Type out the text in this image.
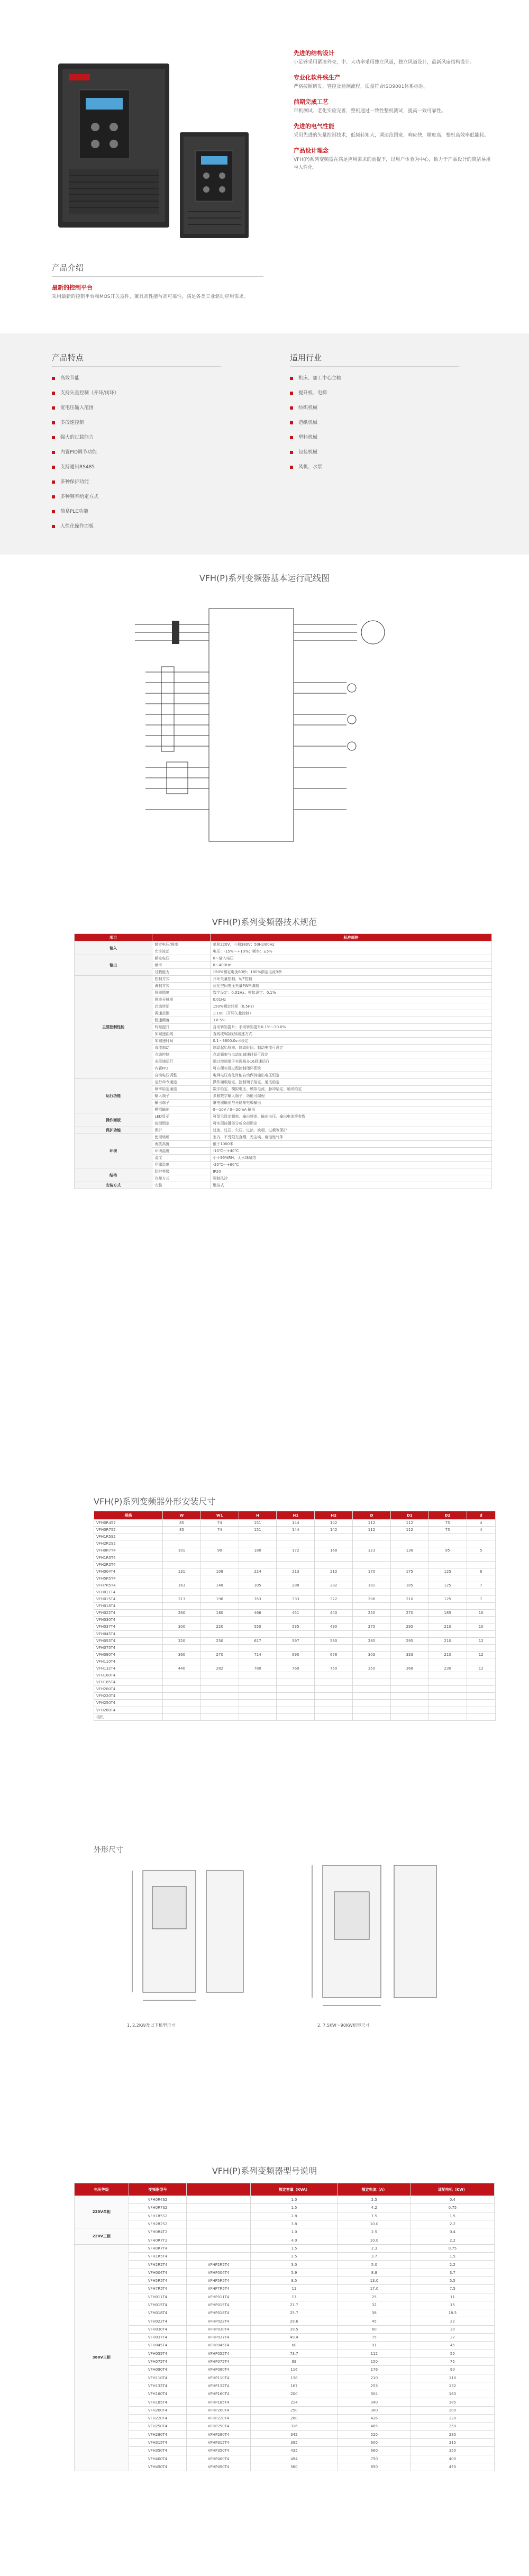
先进的结构设计
小足够采用紧凑外壳，中、大功率采用独立风道，独立风道设计，最新风扇结构设计。
专业化软件线生产
严格按照研发、管控及检测流程，质量符合ISO9001体系标准。
前期完成工艺
带机测试、老化实验完善，整机通过一致性整机测试，提高一致可靠性。
先进的电气性能
采用先进的矢量控制技术，低频转矩大，调速范围宽，响应快，精度高，整机高效率低能耗。
产品设计理念
VFH(P)系列变频器在满足应用需求的前提下，以用户体验为中心，致力于产品设计的简洁易用与人性化。
产品介绍
最新的控制平台
采用最新的控制平台和MOS开关器件，兼具高性能与高可靠性，满足各类工业驱动应用需求。
产品特点
高效节能
支持矢量控制（开环/闭环）
宽电压输入范围
多段速控制
强大的过载能力
内置PID调节功能
支持通讯RS485
多种保护功能
多种频率给定方式
简易PLC功能
人性化操作面板
适用行业
机床、加工中心主轴
提升机、电梯
纺织机械
造纸机械
塑料机械
包装机械
风机、水泵
VFH(P)系列变频器基本运行配线图
VFH(P)系列变频器技术规范
项目		标准规格
输入	额定电压/频率	单相220V，三相380V；50Hz/60Hz
	允许波动	电压：-15%～+10%；频率：±5%
输出	额定电压	0～输入电压
	频率	0～400Hz
	过载能力	150%额定电流60秒；180%额定电流3秒
主要控制性能	控制方式	开环矢量控制，V/F控制
	调制方式	优化空间电压矢量PWM调制
	频率精度	数字设定：0.01Hz；模拟设定：0.1%
	频率分辨率	0.01Hz
	启动转矩	150%额定转矩（0.5Hz）
	调速范围	1:100（开环矢量控制）
	稳速精度	±0.5%
	转矩提升	自动转矩提升；手动转矩提升0.1%～30.0%
	加减速曲线	直线或S曲线加减速方式
	加减速时间	0.1～3600.0s可设定
	直流制动	制动起始频率、制动时间、制动电流可设定
	点动控制	点动频率与点动加减速时间可设定
	多段速运行	通过控制端子实现最多16段速运行
	内置PID	可方便实现过程控制闭环系统
	自动电压调整	电网电压变化时能自动保持输出电压恒定
运行功能	运行命令通道	操作面板给定、控制端子给定、通讯给定
	频率给定通道	数字给定、模拟电压、模拟电流、脉冲给定、通讯给定
	输入端子	多路数字输入端子，功能可编程
	输出端子	继电器输出与开路集电极输出
	模拟输出	0～10V / 0～20mA 输出
操作面板	LED显示	可显示设定频率、输出频率、输出电压、输出电流等参数
	按键锁定	可实现按键部分或全部锁定
保护功能	保护	过流、过压、欠压、过热、缺相、过载等保护
环境	使用场所	室内，不受阳光直晒，无尘埃、腐蚀性气体
	海拔高度	低于1000米
	环境温度	-10℃～+40℃
	湿度	小于95%RH，无水珠凝结
	存储温度	-20℃～+60℃
结构	防护等级	IP20
	冷却方式	强制风冷
安装方式	安装	壁挂式
VFH(P)系列变频器外形安装尺寸
规格	W	W1	H	H1	H2	D	D1	D2	d
VFH0R4S2	85	74	151	144	142	112	112	75	4
VFH0R7S2	85	74	151	144	142	112	112	75	4
VFH1R5S2									
VFH2R2S2									
VFH0R7T4	101	90	180	172	168	123	136	95	5
VFH1R5T4									
VFH2R2T4									
VFH004T4	131	108	224	213	210	170	175	125	6
VFH5R5T4									
VFH7R5T4	163	148	305	288	282	181	185	125	7
VFH011T4									
VFH015T4	213	198	353	333	322	206	210	125	7
VFH018T4									
VFH022T4	260	180	466	451	440	250	270	185	10
VFH030T4									
VFH037T4	300	220	550	535	490	275	295	210	10
VFH045T4									
VFH055T4	320	230	617	597	580	285	295	210	12
VFH075T4									
VFH090T4	360	270	714	690	678	303	333	210	12
VFH110T4									
VFH132T4	440	282	780	760	750	350	368	230	12
VFH160T4									
VFH185T4									
VFH200T4									
VFH220T4									
VFH250T4									
VFH280T4									
柜机									
外形尺寸
1. 2.2KW及以下机型尺寸	2. 7.5KW～90KW机型尺寸
VFH(P)系列变频器型号说明
电压等级	变频器型号		额定容量（KVA）	额定电流（A）	适配电机（KW）
220V单相	VFH0R4S2		1.0	2.5	0.4
	VFH0R7S2		1.5	4.2	0.75
	VFH1R5S2		2.8	7.5	1.5
	VFH2R2S2		3.8	10.0	2.2
220V三相	VFH0R4T2		1.0	2.5	0.4
	VFH0R7T2		4.0	10.0	2.2
380V三相	VFH0R7T4		1.5	2.3	0.75
	VFH1R5T4		2.5	3.7	1.5
	VFH2R2T4	VFHP2R2T4	3.0	5.0	2.2
	VFH004T4	VFHP004T4	5.9	8.8	3.7
	VFH5R5T4	VFHP5R5T4	8.5	13.0	5.5
	VFH7R5T4	VFHP7R5T4	11	17.0	7.5
	VFH011T4	VFHP011T4	17	25	11
	VFH015T4	VFHP015T4	21.7	32	15
	VFH018T4	VFHP018T4	25.7	38	18.5
	VFH022T4	VFHP022T4	29.6	45	22
	VFH030T4	VFHP030T4	39.5	60	30
	VFH037T4	VFHP037T4	49.4	75	37
	VFH045T4	VFHP045T4	60	91	45
	VFH055T4	VFHP055T4	73.7	112	55
	VFH075T4	VFHP075T4	99	150	75
	VFH090T4	VFHP090T4	116	176	90
	VFH110T4	VFHP110T4	138	210	110
	VFH132T4	VFHP132T4	167	253	132
	VFH160T4	VFHP160T4	200	304	160
	VFH185T4	VFHP185T4	214	340	185
	VFH200T4	VFHP200T4	250	380	200
	VFH220T4	VFHP220T4	280	426	220
	VFH250T4	VFHP250T4	316	465	250
	VFH280T4	VFHP280T4	342	520	280
	VFH315T4	VFHP315T4	395	600	315
	VFH350T4	VFHP350T4	435	660	350
	VFH400T4	VFHP400T4	494	750	400
	VFH450T4	VFHP450T4	560	850	450
